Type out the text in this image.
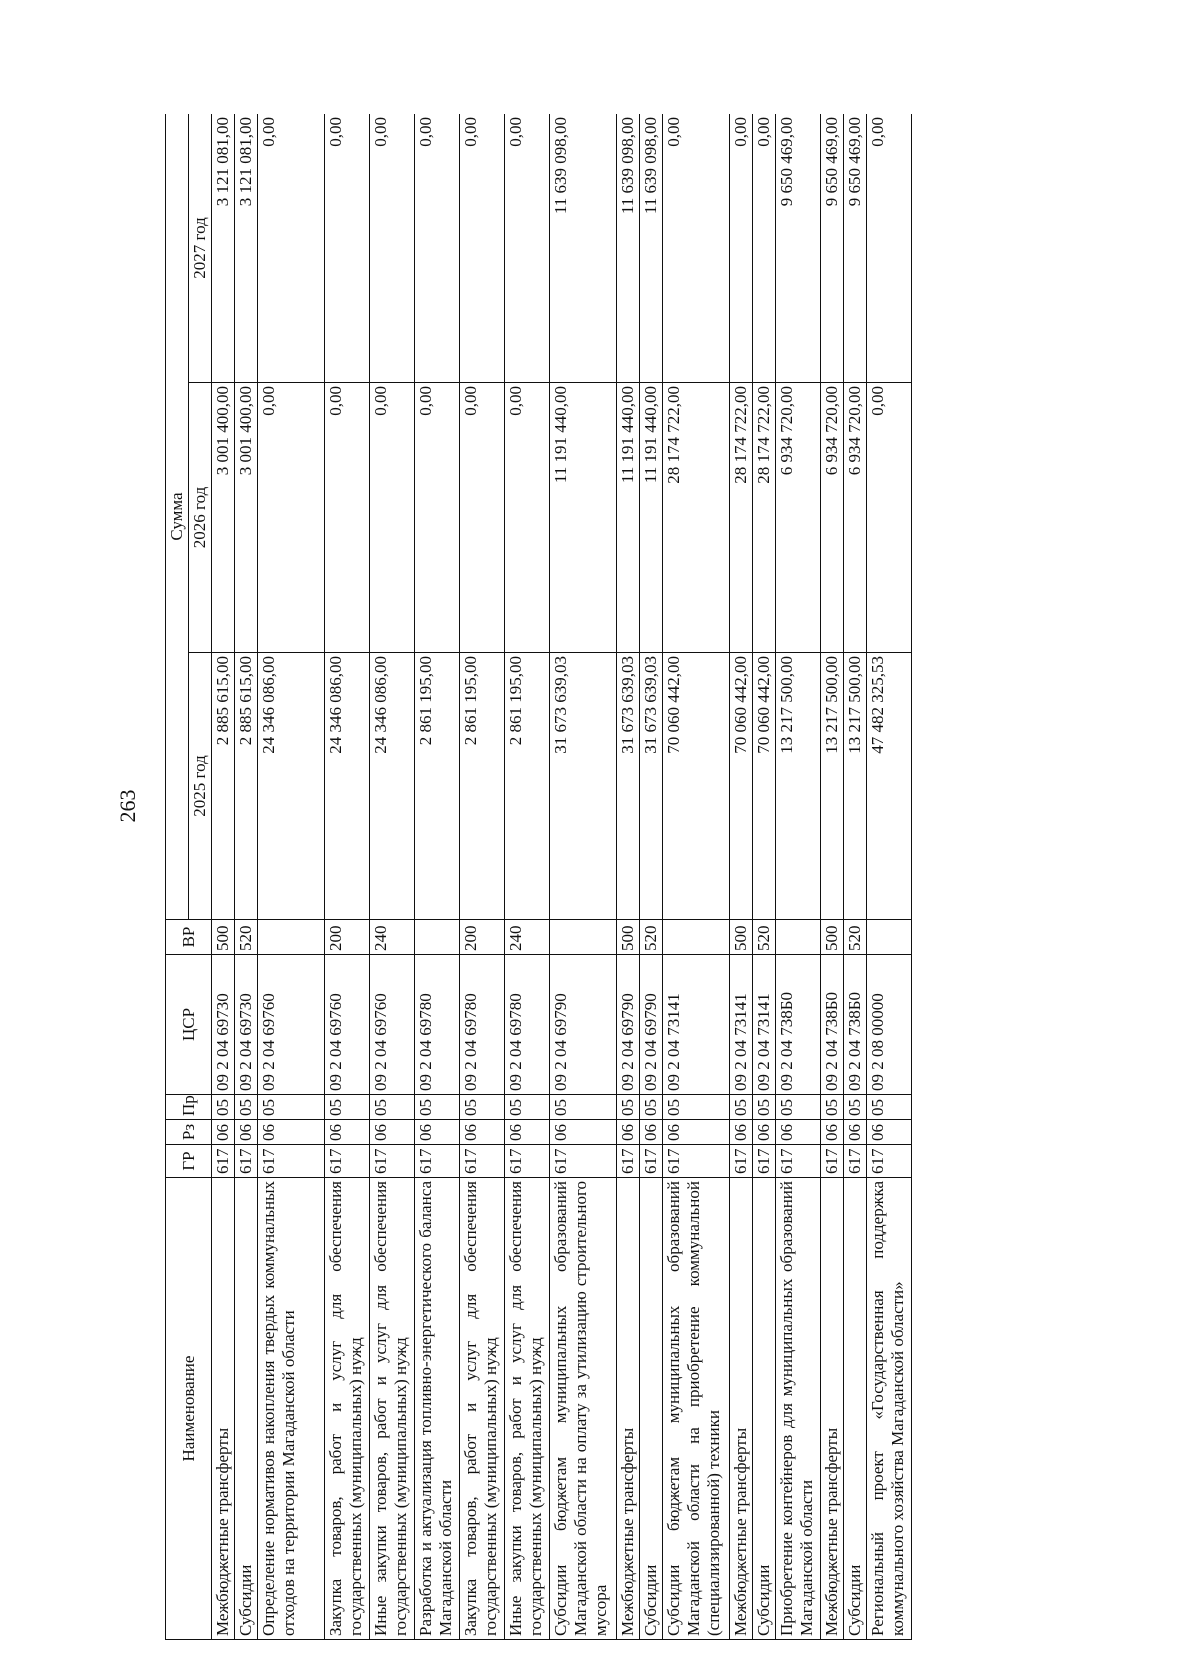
263
Наименование	ГР	Рз	Пр	ЦСР	ВР	Сумма		
						2025 год	2026 год	2027 год
Межбюджетные трансферты	617	06	05	09 2 04 69730	500	2 885 615,00	3 001 400,00	3 121 081,00
Субсидии	617	06	05	09 2 04 69730	520	2 885 615,00	3 001 400,00	3 121 081,00
Определение нормативов накопления твердых коммунальных отходов на территории Магаданской области	617	06	05	09 2 04 69760		24 346 086,00	0,00	0,00
Закупка товаров, работ и услуг для обеспечения государственных (муниципальных) нужд	617	06	05	09 2 04 69760	200	24 346 086,00	0,00	0,00
Иные закупки товаров, работ и услуг для обеспечения государственных (муниципальных) нужд	617	06	05	09 2 04 69760	240	24 346 086,00	0,00	0,00
Разработка и актуализация топливно-энергетического баланса Магаданской области	617	06	05	09 2 04 69780		2 861 195,00	0,00	0,00
Закупка товаров, работ и услуг для обеспечения государственных (муниципальных) нужд	617	06	05	09 2 04 69780	200	2 861 195,00	0,00	0,00
Иные закупки товаров, работ и услуг для обеспечения государственных (муниципальных) нужд	617	06	05	09 2 04 69780	240	2 861 195,00	0,00	0,00
Субсидии бюджетам муниципальных образований Магаданской области на оплату за утилизацию строительного мусора	617	06	05	09 2 04 69790		31 673 639,03	11 191 440,00	11 639 098,00
Межбюджетные трансферты	617	06	05	09 2 04 69790	500	31 673 639,03	11 191 440,00	11 639 098,00
Субсидии	617	06	05	09 2 04 69790	520	31 673 639,03	11 191 440,00	11 639 098,00
Субсидии бюджетам муниципальных образований Магаданской области на приобретение коммунальной (специализированной) техники	617	06	05	09 2 04 73141		70 060 442,00	28 174 722,00	0,00
Межбюджетные трансферты	617	06	05	09 2 04 73141	500	70 060 442,00	28 174 722,00	0,00
Субсидии	617	06	05	09 2 04 73141	520	70 060 442,00	28 174 722,00	0,00
Приобретение контейнеров для муниципальных образований Магаданской области	617	06	05	09 2 04 738Б0		13 217 500,00	6 934 720,00	9 650 469,00
Межбюджетные трансферты	617	06	05	09 2 04 738Б0	500	13 217 500,00	6 934 720,00	9 650 469,00
Субсидии	617	06	05	09 2 04 738Б0	520	13 217 500,00	6 934 720,00	9 650 469,00
Региональный проект «Государственная поддержка коммунального хозяйства Магаданской области»	617	06	05	09 2 08 00000		47 482 325,53	0,00	0,00
